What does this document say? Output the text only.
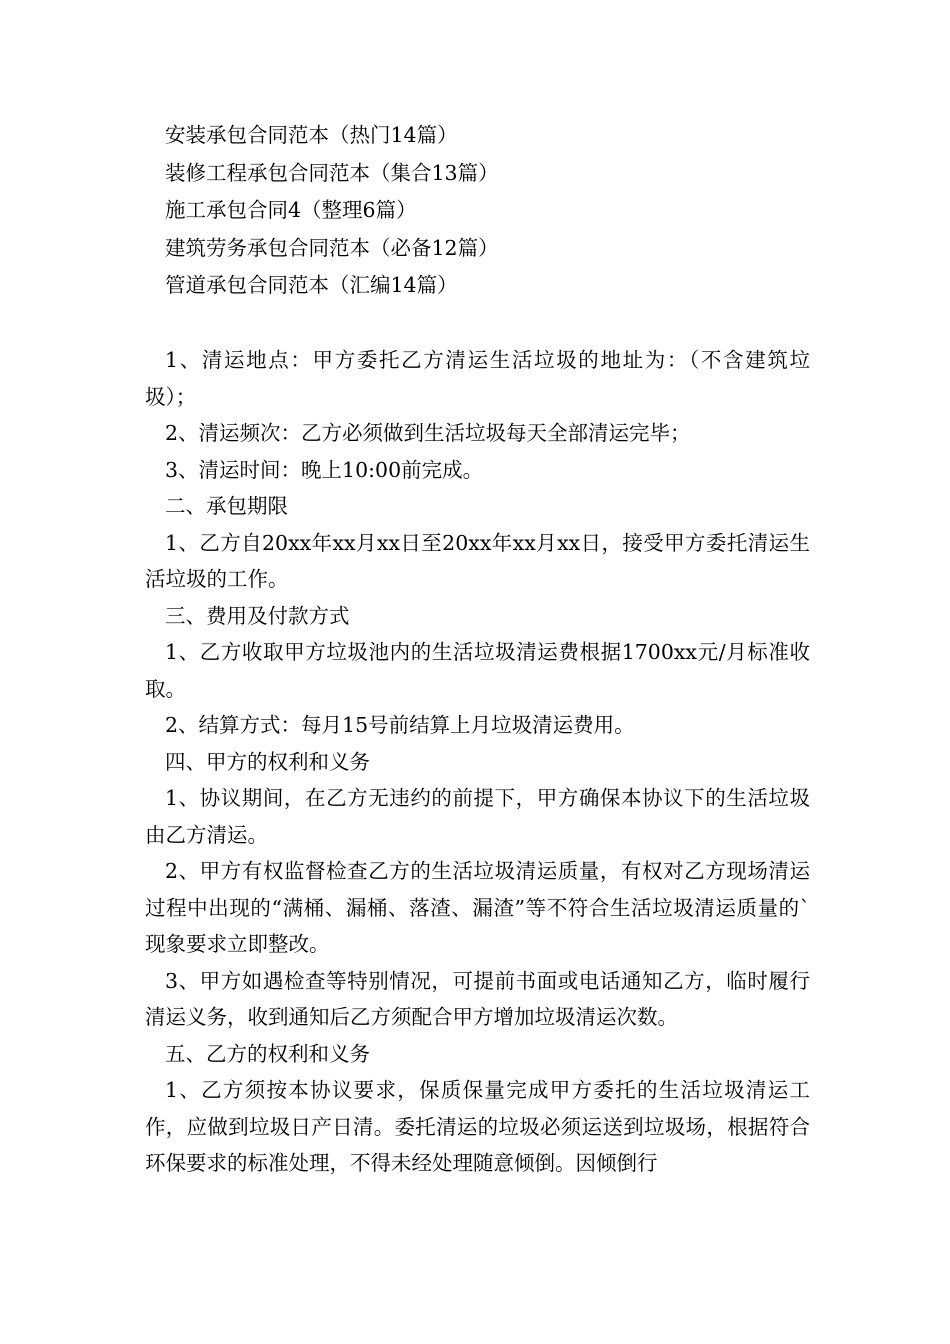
安装承包合同范本（热门14篇）
装修工程承包合同范本（集合13篇）
施工承包合同4（整理6篇）
建筑劳务承包合同范本（必备12篇）
管道承包合同范本（汇编14篇）

1、清运地点：甲方委托乙方清运生活垃圾的地址为：（不含建筑垃圾）；

2、清运频次：乙方必须做到生活垃圾每天全部清运完毕；

3、清运时间：晚上10:00前完成。

二、承包期限

1、乙方自20xx年xx月xx日至20xx年xx月xx日，接受甲方委托清运生活垃圾的工作。

三、费用及付款方式

1、乙方收取甲方垃圾池内的生活垃圾清运费根据1700xx元/月标准收取。

2、结算方式：每月15号前结算上月垃圾清运费用。

四、甲方的权利和义务

1、协议期间，在乙方无违约的前提下，甲方确保本协议下的生活垃圾由乙方清运。

2、甲方有权监督检查乙方的生活垃圾清运质量，有权对乙方现场清运过程中出现的“满桶、漏桶、落渣、漏渣”等不符合生活垃圾清运质量的`现象要求立即整改。

3、甲方如遇检查等特别情况，可提前书面或电话通知乙方，临时履行清运义务，收到通知后乙方须配合甲方增加垃圾清运次数。

五、乙方的权利和义务

1、乙方须按本协议要求，保质保量完成甲方委托的生活垃圾清运工作，应做到垃圾日产日清。委托清运的垃圾必须运送到垃圾场，根据符合环保要求的标准处理，不得未经处理随意倾倒。因倾倒行
